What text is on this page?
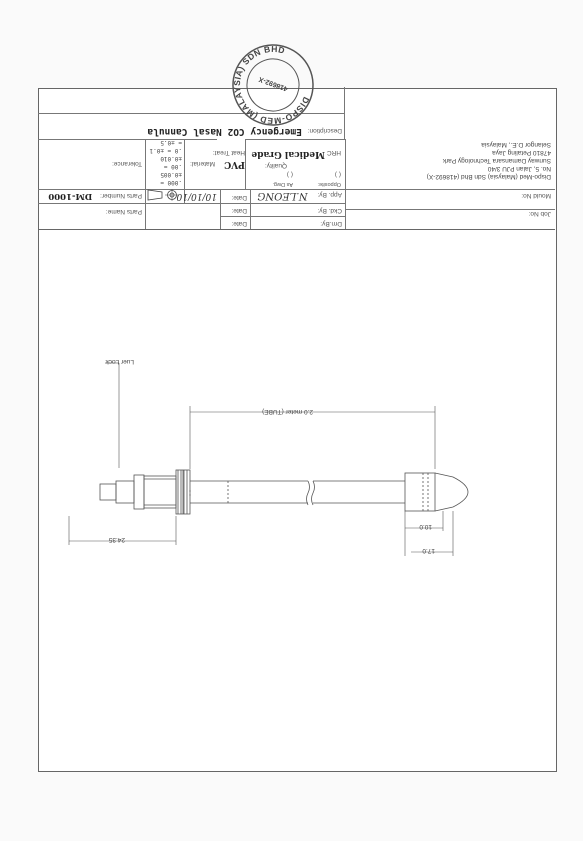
Job No:
Mould No:
Drn.By:
Date:
Ckd. By:
Date:
App. By: N.LEONG
Date:
10/10/10
Parts Name:
Parts Number: DM-1000
Dispo-Med (Malaysia) Sdn Bhd (418692-X)
No. 5, Jalan PJU 3/40
Sunway Damansara Technology Park
47810 Petaling Jaya
Selangor D.E., Malaysia
Opposite:
( )
( )
As Dwg.
Quality:
HRC
Medical Grade
Heat Treat:
PVC
Material:
.000 = ±0.005
.00 = ±0.010
.0 = ±0.1
= ±0.5
Tolerance:
Description: Emergency CO2 Nasal Cannula
2.0 meter (TUBE)
24.35
10.0
17.0
Luer Lock
DISPO-MED (MALAYSIA) SDN BHD
418692-X
